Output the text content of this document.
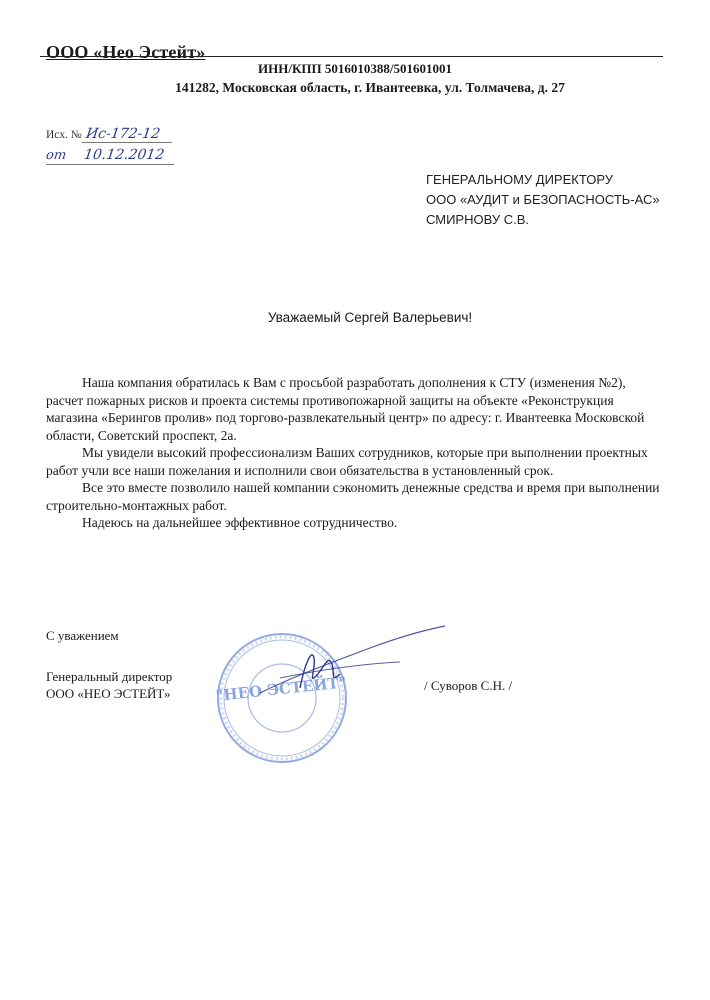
ООО «Нео Эстейт»
ИНН/КПП 5016010388/501601001
141282, Московская область, г. Ивантеевка, ул. Толмачева, д. 27
Исх. № Ис-172-12
от 10.12.2012
ГЕНЕРАЛЬНОМУ ДИРЕКТОРУ
ООО «АУДИТ и БЕЗОПАСНОСТЬ-АС»
СМИРНОВУ С.В.
Уважаемый Сергей Валерьевич!

Наша компания обратилась к Вам с просьбой разработать дополнения к СТУ (изменения №2), расчет пожарных рисков и проекта системы противопожарной защиты на объекте «Реконструкция магазина «Берингов пролив» под торгово-развлекательный центр» по адресу: г. Ивантеевка Московской области, Советский проспект, 2а.

Мы увидели высокий профессионализм Ваших сотрудников, которые при выполнении проектных работ учли все наши пожелания и исполнили свои обязательства в установленный срок.

Все это вместе позволило нашей компании сэкономить денежные средства и время при выполнении строительно-монтажных работ.

Надеюсь на дальнейшее эффективное сотрудничество.

"НЕО ЭСТЕЙТ"
С уважением
Генеральный директор
ООО «НЕО ЭСТЕЙТ»
/ Суворов С.Н. /
